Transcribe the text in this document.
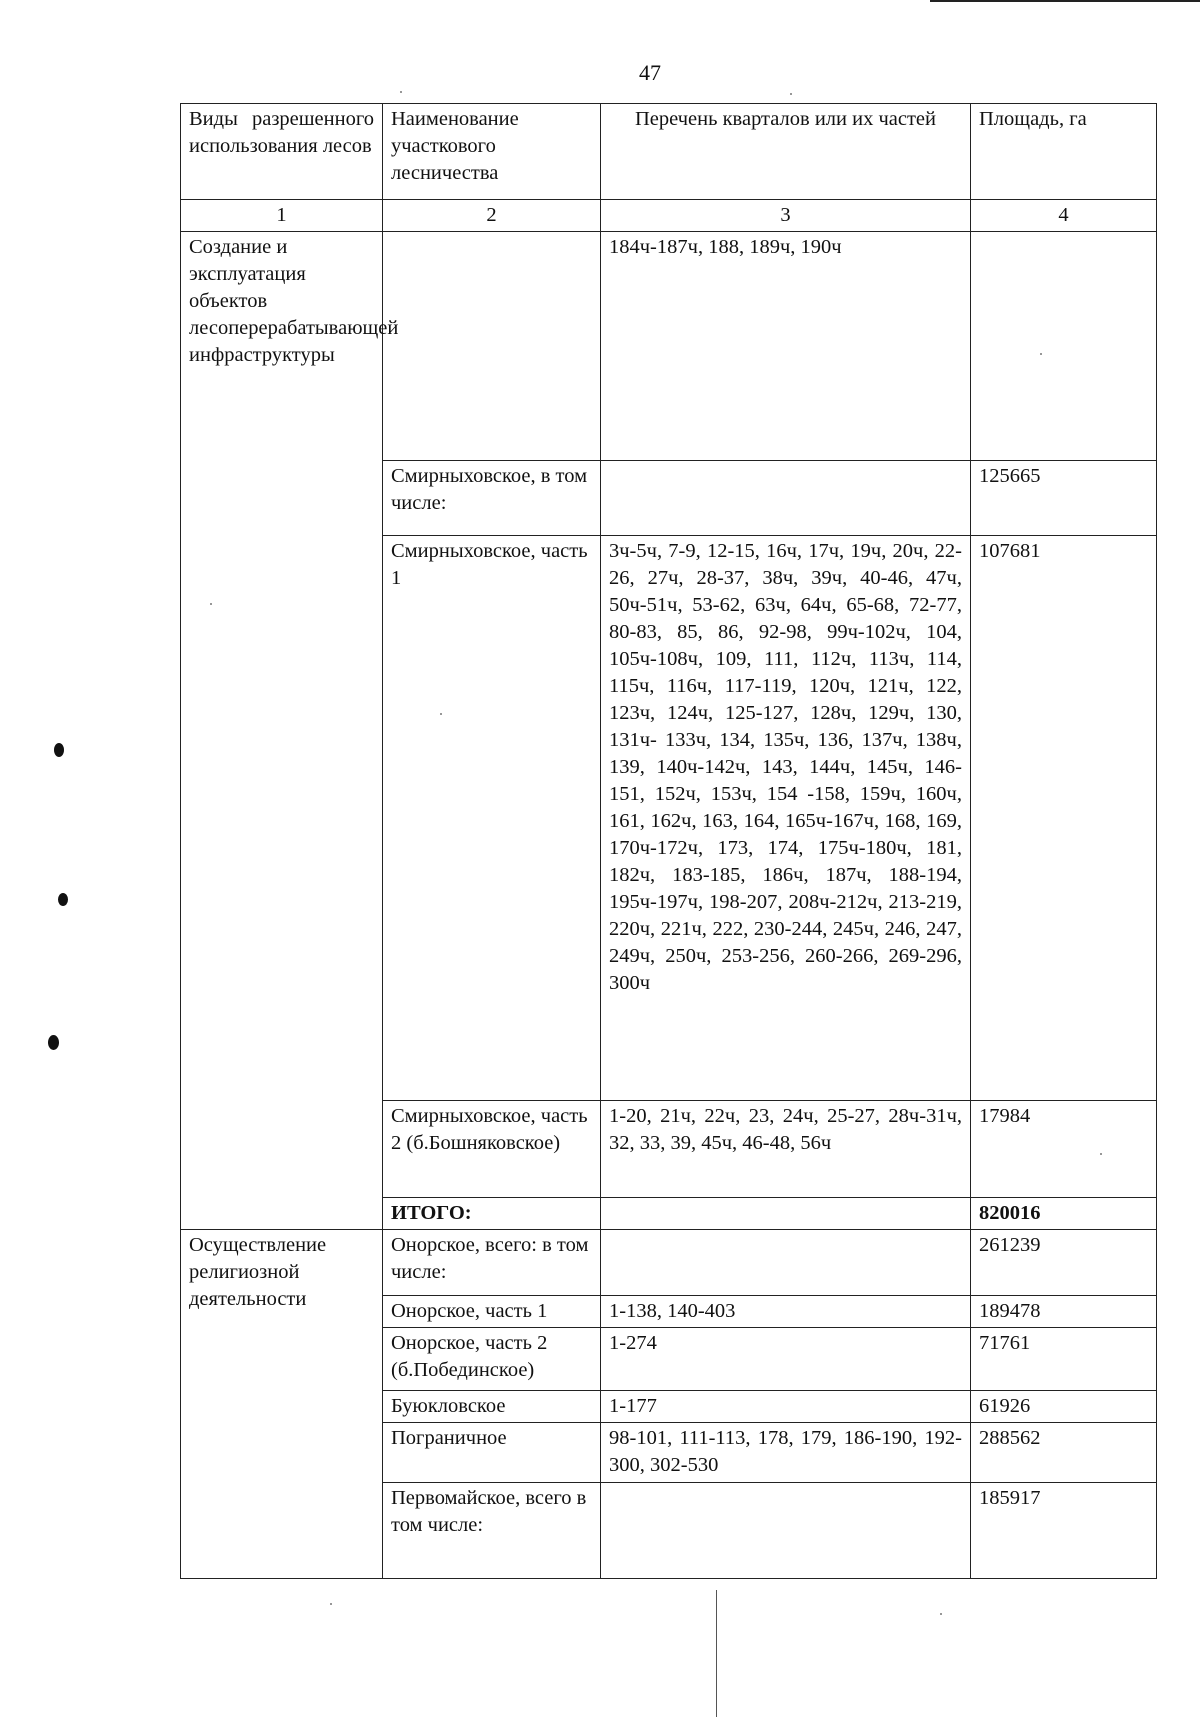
47
Виды разрешенного использования лесов	Наименование участкового лесничества	Перечень кварталов или их частей	Площадь, га
1	2	3	4
Создание и эксплуатация объектов лесоперерабатывающей инфраструктуры		184ч-187ч, 188, 189ч, 190ч	
	Смирныховское, в том числе:		125665
	Смирныховское, часть 1	3ч-5ч, 7-9, 12-15, 16ч, 17ч, 19ч, 20ч, 22-26, 27ч, 28-37, 38ч, 39ч, 40-46, 47ч, 50ч-51ч, 53-62, 63ч, 64ч, 65-68, 72-77, 80-83, 85, 86, 92-98, 99ч-102ч, 104, 105ч-108ч, 109, 111, 112ч, 113ч, 114, 115ч, 116ч, 117-119, 120ч, 121ч, 122, 123ч, 124ч, 125-127, 128ч, 129ч, 130, 131ч- 133ч, 134, 135ч, 136, 137ч, 138ч, 139, 140ч-142ч, 143, 144ч, 145ч, 146-151, 152ч, 153ч, 154 -158, 159ч, 160ч, 161, 162ч, 163, 164, 165ч-167ч, 168, 169, 170ч-172ч, 173, 174, 175ч-180ч, 181, 182ч, 183-185, 186ч, 187ч, 188-194, 195ч-197ч, 198-207, 208ч-212ч, 213-219, 220ч, 221ч, 222, 230-244, 245ч, 246, 247, 249ч, 250ч, 253-256, 260-266, 269-296, 300ч	107681
	Смирныховское, часть 2 (б.Бошняковское)	1-20, 21ч, 22ч, 23, 24ч, 25-27, 28ч-31ч, 32, 33, 39, 45ч, 46-48, 56ч	17984
	ИТОГО:		820016
Осуществление религиозной деятельности	Онорское, всего: в том числе:		261239
	Онорское, часть 1	1-138, 140-403	189478
	Онорское, часть 2 (б.Побединское)	1-274	71761
	Буюкловское	1-177	61926
	Пограничное	98-101, 111-113, 178, 179, 186-190, 192-300, 302-530	288562
	Первомайское, всего в том числе:		185917
